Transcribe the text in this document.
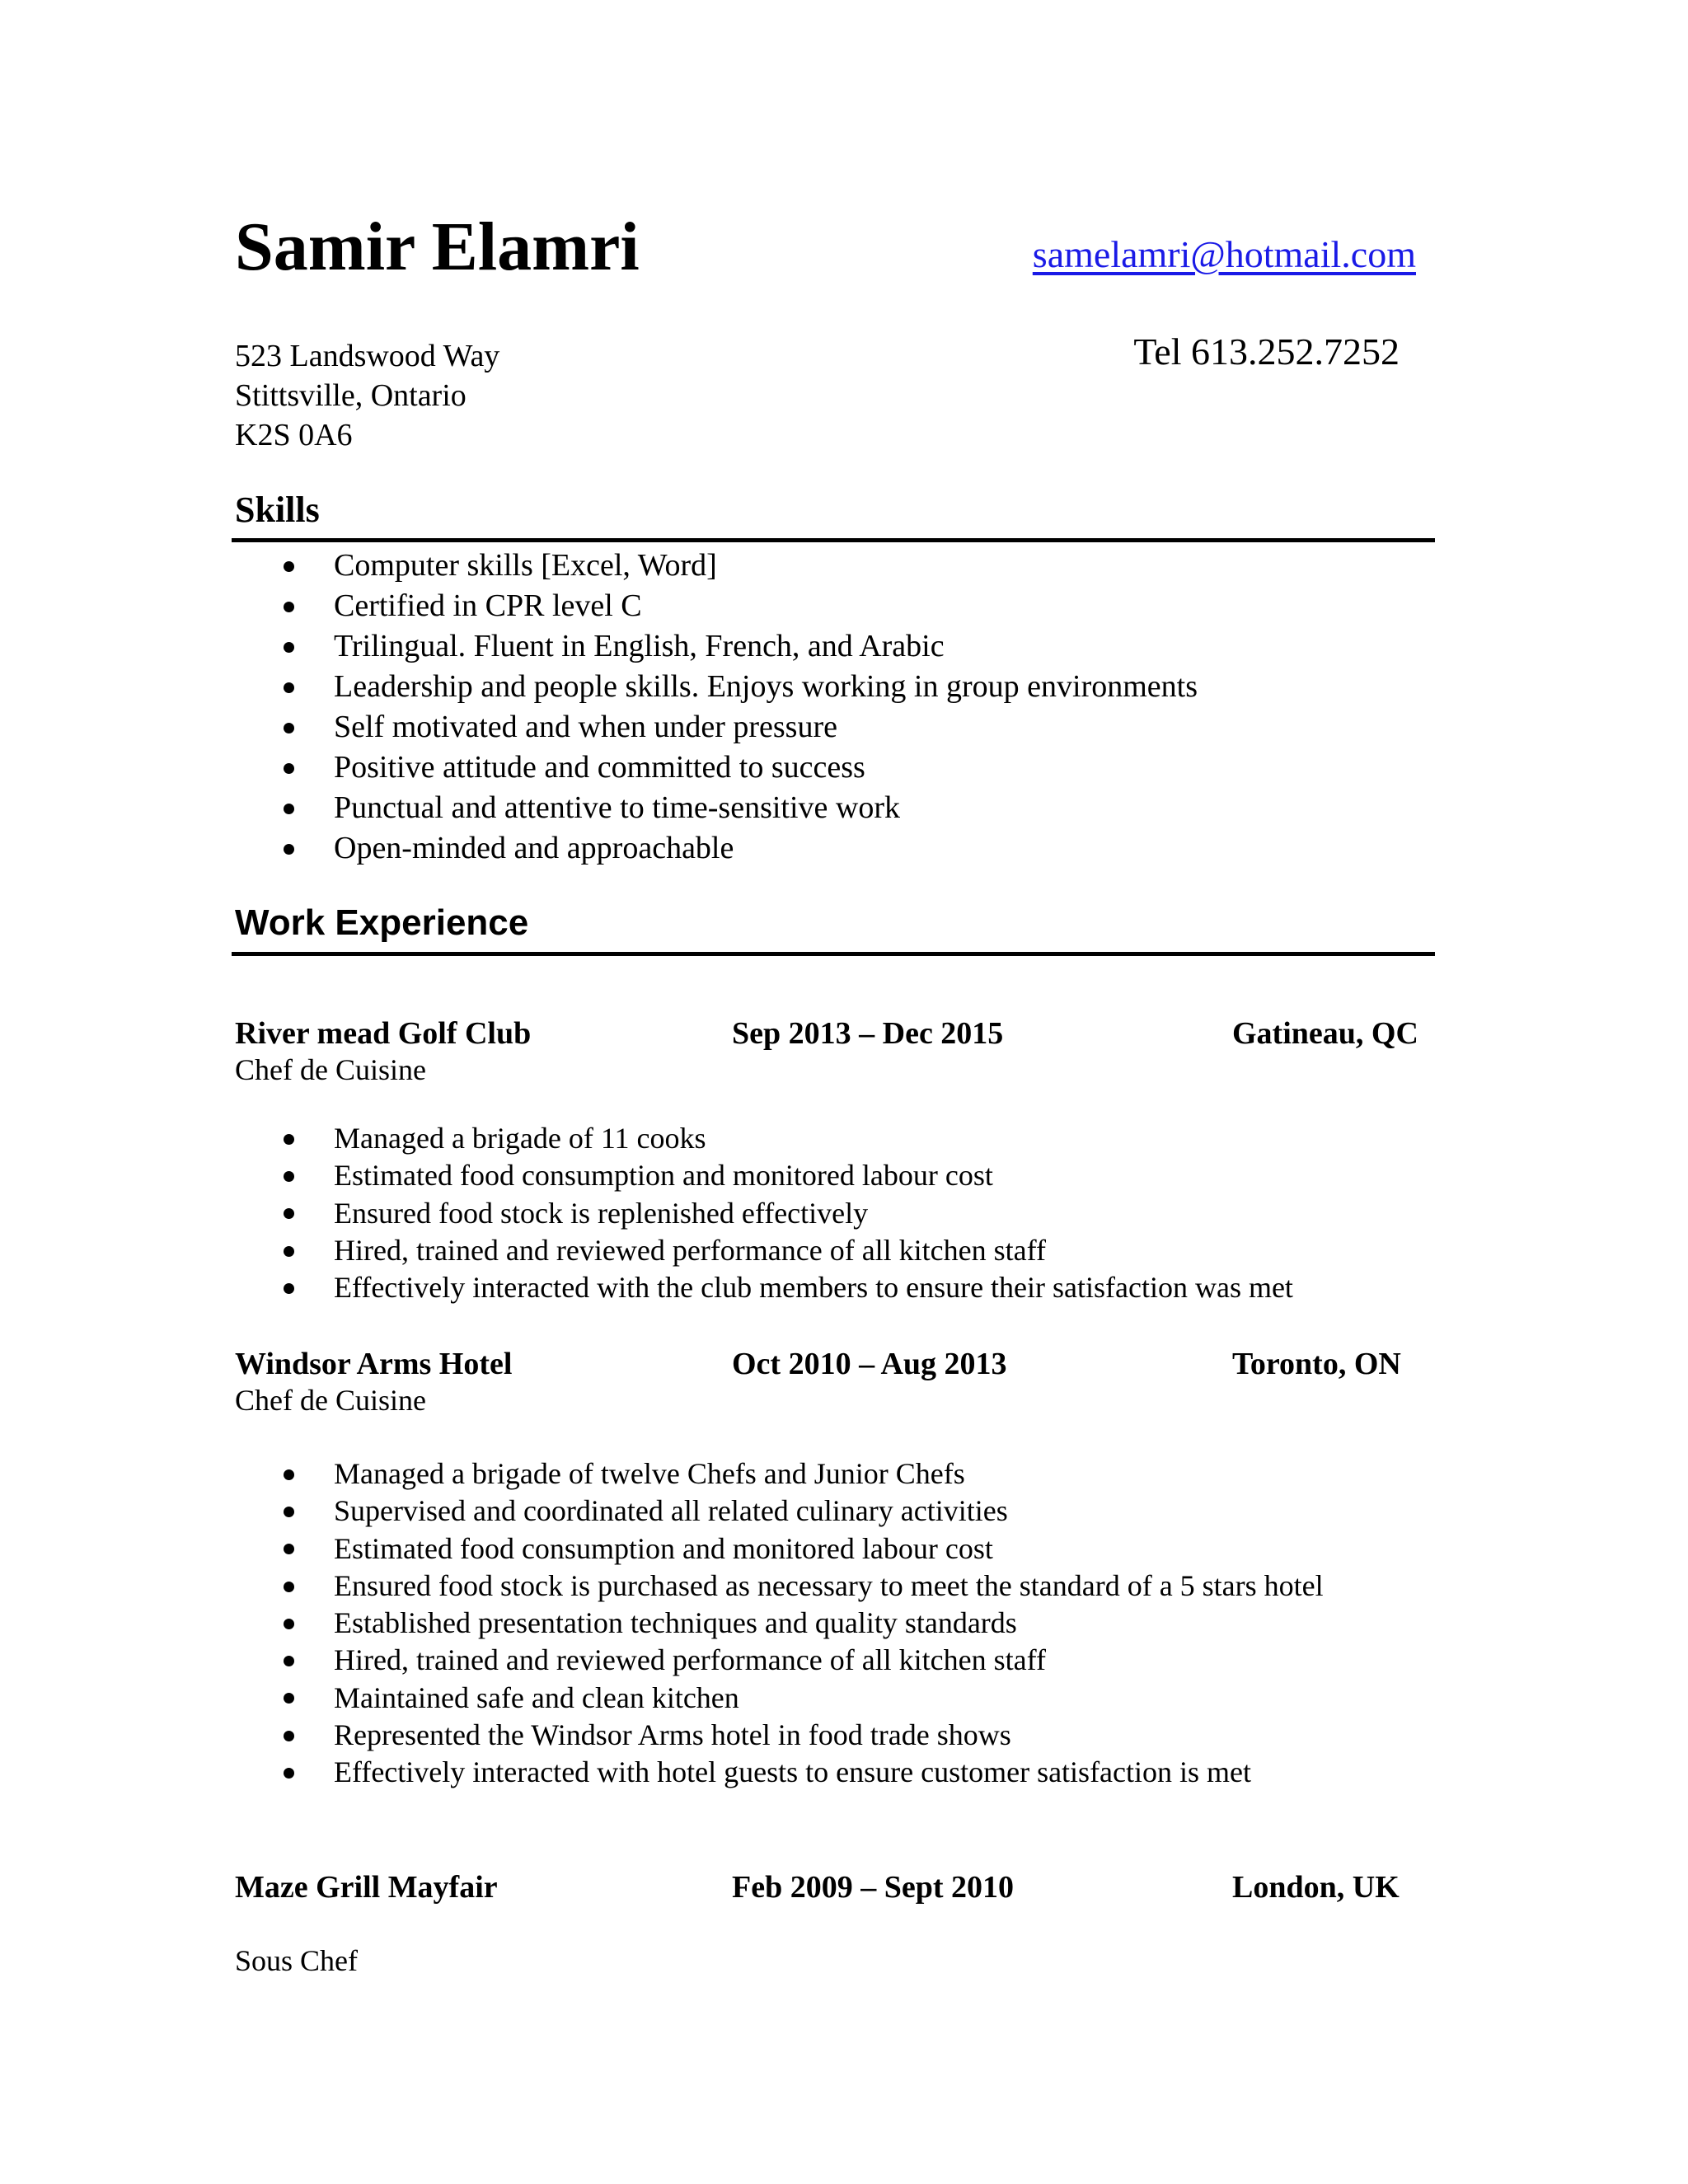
Samir Elamri	samelamri@hotmail.com
Tel 613.252.7252
523 Landswood Way
Stittsville, Ontario
K2S 0A6
Skills
Computer skills [Excel, Word]
Certified in CPR level C
Trilingual. Fluent in English, French, and Arabic
Leadership and people skills. Enjoys working in group environments
Self motivated and when under pressure
Positive attitude and committed to success
Punctual and attentive to time-sensitive work
Open-minded and approachable
Work Experience
River mead Golf Club	Sep 2013 – Dec 2015	Gatineau, QC
Chef de Cuisine
Managed a brigade of 11 cooks
Estimated food consumption and monitored labour cost
Ensured food stock is replenished effectively
Hired, trained and reviewed performance of all kitchen staff
Effectively interacted with the club members to ensure their satisfaction was met
Windsor Arms Hotel	Oct 2010 – Aug 2013	Toronto, ON
Chef de Cuisine
Managed a brigade of twelve Chefs and Junior Chefs
Supervised and coordinated all related culinary activities
Estimated food consumption and monitored labour cost
Ensured food stock is purchased as necessary to meet the standard of a 5 stars hotel
Established presentation techniques and quality standards
Hired, trained and reviewed performance of all kitchen staff
Maintained safe and clean kitchen
Represented the Windsor Arms hotel in food trade shows
Effectively interacted with hotel guests to ensure customer satisfaction is met
Maze Grill Mayfair	Feb 2009 – Sept 2010	London, UK
Sous Chef
